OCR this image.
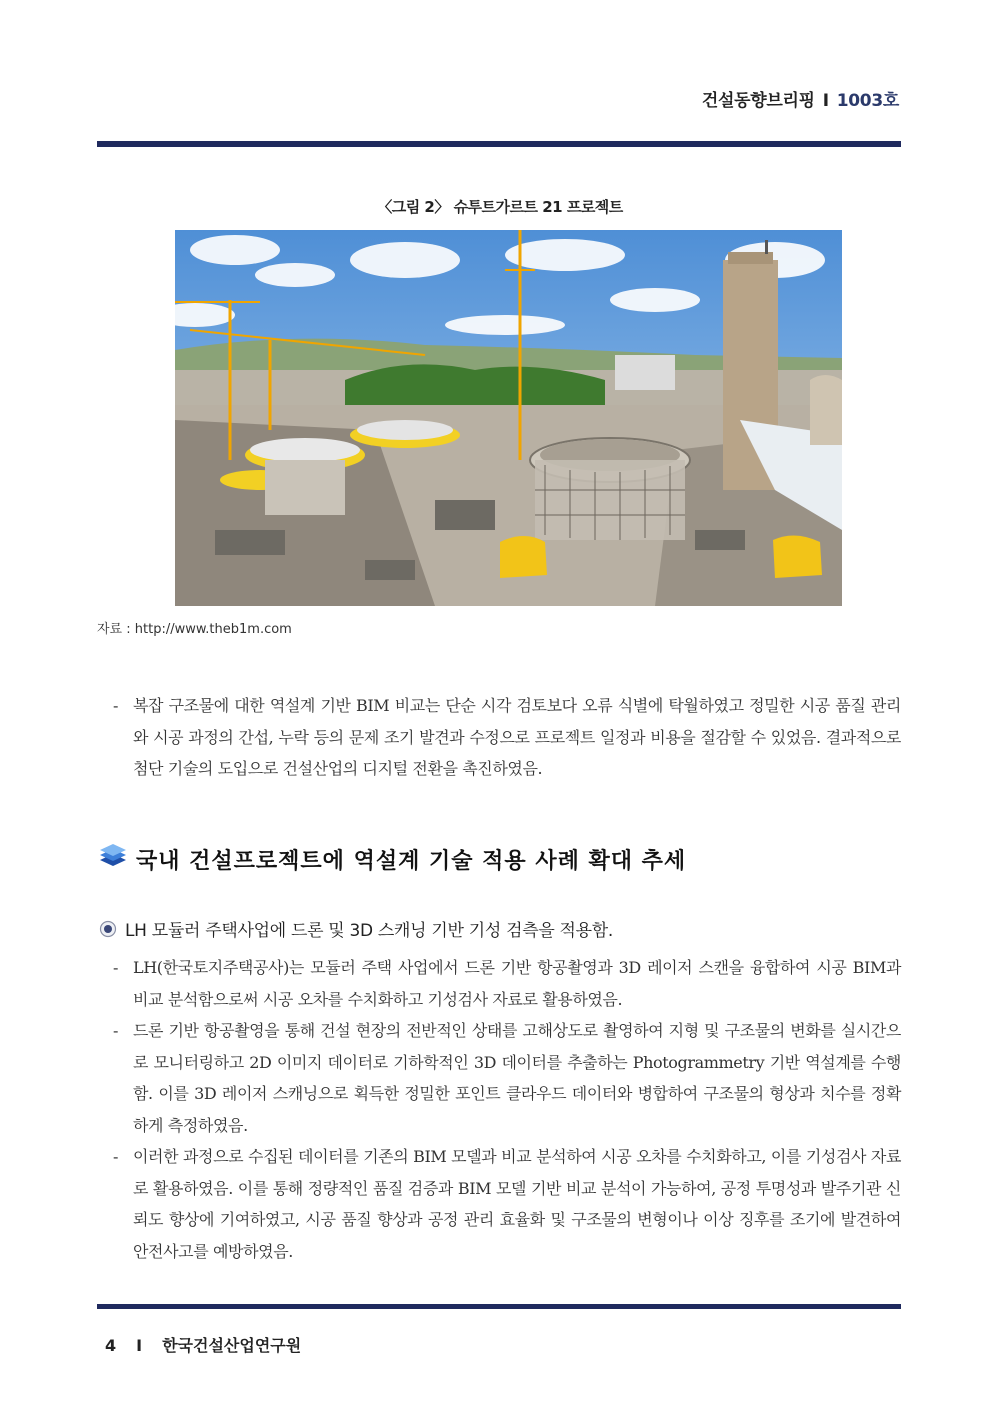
건설동향브리핑 I 1003호
〈그림 2〉 슈투트가르트 21 프로젝트
자료 : http://www.theb1m.com
- 복잡 구조물에 대한 역설계 기반 BIM 비교는 단순 시각 검토보다 오류 식별에 탁월하였고 정밀한 시공 품질 관리와 시공 과정의 간섭, 누락 등의 문제 조기 발견과 수정으로 프로젝트 일정과 비용을 절감할 수 있었음. 결과적으로 첨단 기술의 도입으로 건설산업의 디지털 전환을 촉진하였음.
국내 건설프로젝트에 역설계 기술 적용 사례 확대 추세
LH 모듈러 주택사업에 드론 및 3D 스캐닝 기반 기성 검측을 적용함.
- LH(한국토지주택공사)는 모듈러 주택 사업에서 드론 기반 항공촬영과 3D 레이저 스캔을 융합하여 시공 BIM과 비교 분석함으로써 시공 오차를 수치화하고 기성검사 자료로 활용하였음.
- 드론 기반 항공촬영을 통해 건설 현장의 전반적인 상태를 고해상도로 촬영하여 지형 및 구조물의 변화를 실시간으로 모니터링하고 2D 이미지 데이터로 기하학적인 3D 데이터를 추출하는 Photogrammetry 기반 역설계를 수행함. 이를 3D 레이저 스캐닝으로 획득한 정밀한 포인트 클라우드 데이터와 병합하여 구조물의 형상과 치수를 정확하게 측정하였음.
- 이러한 과정으로 수집된 데이터를 기존의 BIM 모델과 비교 분석하여 시공 오차를 수치화하고, 이를 기성검사 자료로 활용하였음. 이를 통해 정량적인 품질 검증과 BIM 모델 기반 비교 분석이 가능하여, 공정 투명성과 발주기관 신뢰도 향상에 기여하였고, 시공 품질 향상과 공정 관리 효율화 및 구조물의 변형이나 이상 징후를 조기에 발견하여 안전사고를 예방하였음.
4 I 한국건설산업연구원
